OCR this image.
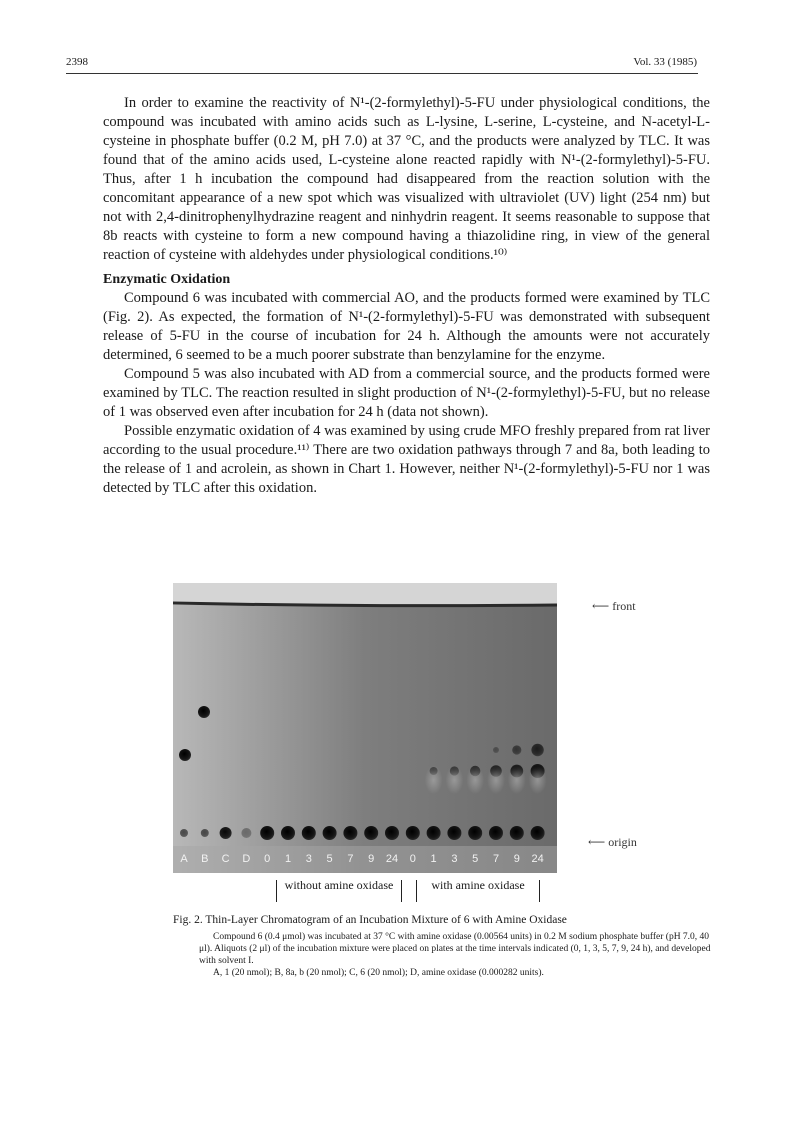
2398	Vol. 33 (1985)

In order to examine the reactivity of N¹-(2-formylethyl)-5-FU under physiological conditions, the compound was incubated with amino acids such as L-lysine, L-serine, L-cysteine, and N-acetyl-L-cysteine in phosphate buffer (0.2 M, pH 7.0) at 37 °C, and the products were analyzed by TLC. It was found that of the amino acids used, L-cysteine alone reacted rapidly with N¹-(2-formylethyl)-5-FU. Thus, after 1 h incubation the compound had disappeared from the reaction solution with the concomitant appearance of a new spot which was visualized with ultraviolet (UV) light (254 nm) but not with 2,4-dinitrophenylhydrazine reagent and ninhydrin reagent. It seems reasonable to suppose that 8b reacts with cysteine to form a new compound having a thiazolidine ring, in view of the general reaction of cysteine with aldehydes under physiological conditions.¹⁰⁾

Enzymatic Oxidation

Compound 6 was incubated with commercial AO, and the products formed were examined by TLC (Fig. 2). As expected, the formation of N¹-(2-formylethyl)-5-FU was demonstrated with subsequent release of 5-FU in the course of incubation for 24 h. Although the amounts were not accurately determined, 6 seemed to be a much poorer substrate than benzylamine for the enzyme.

Compound 5 was also incubated with AD from a commercial source, and the products formed were examined by TLC. The reaction resulted in slight production of N¹-(2-formylethyl)-5-FU, but no release of 1 was observed even after incubation for 24 h (data not shown).

Possible enzymatic oxidation of 4 was examined by using crude MFO freshly prepared from rat liver according to the usual procedure.¹¹⁾ There are two oxidation pathways through 7 and 8a, both leading to the release of 1 and acrolein, as shown in Chart 1. However, neither N¹-(2-formylethyl)-5-FU nor 1 was detected by TLC after this oxidation.

A B C D 0 1 3 5 7 9 24 0 1 3 5 7 9 24
⟵ front
⟵ origin
without amine oxidase	with amine oxidase
Fig. 2. Thin-Layer Chromatogram of an Incubation Mixture of 6 with Amine Oxidase

Compound 6 (0.4 μmol) was incubated at 37 °C with amine oxidase (0.00564 units) in 0.2 M sodium phosphate buffer (pH 7.0, 40 μl). Aliquots (2 μl) of the incubation mixture were placed on plates at the time intervals indicated (0, 1, 3, 5, 7, 9, 24 h), and developed with solvent I.

A, 1 (20 nmol); B, 8a, b (20 nmol); C, 6 (20 nmol); D, amine oxidase (0.000282 units).
